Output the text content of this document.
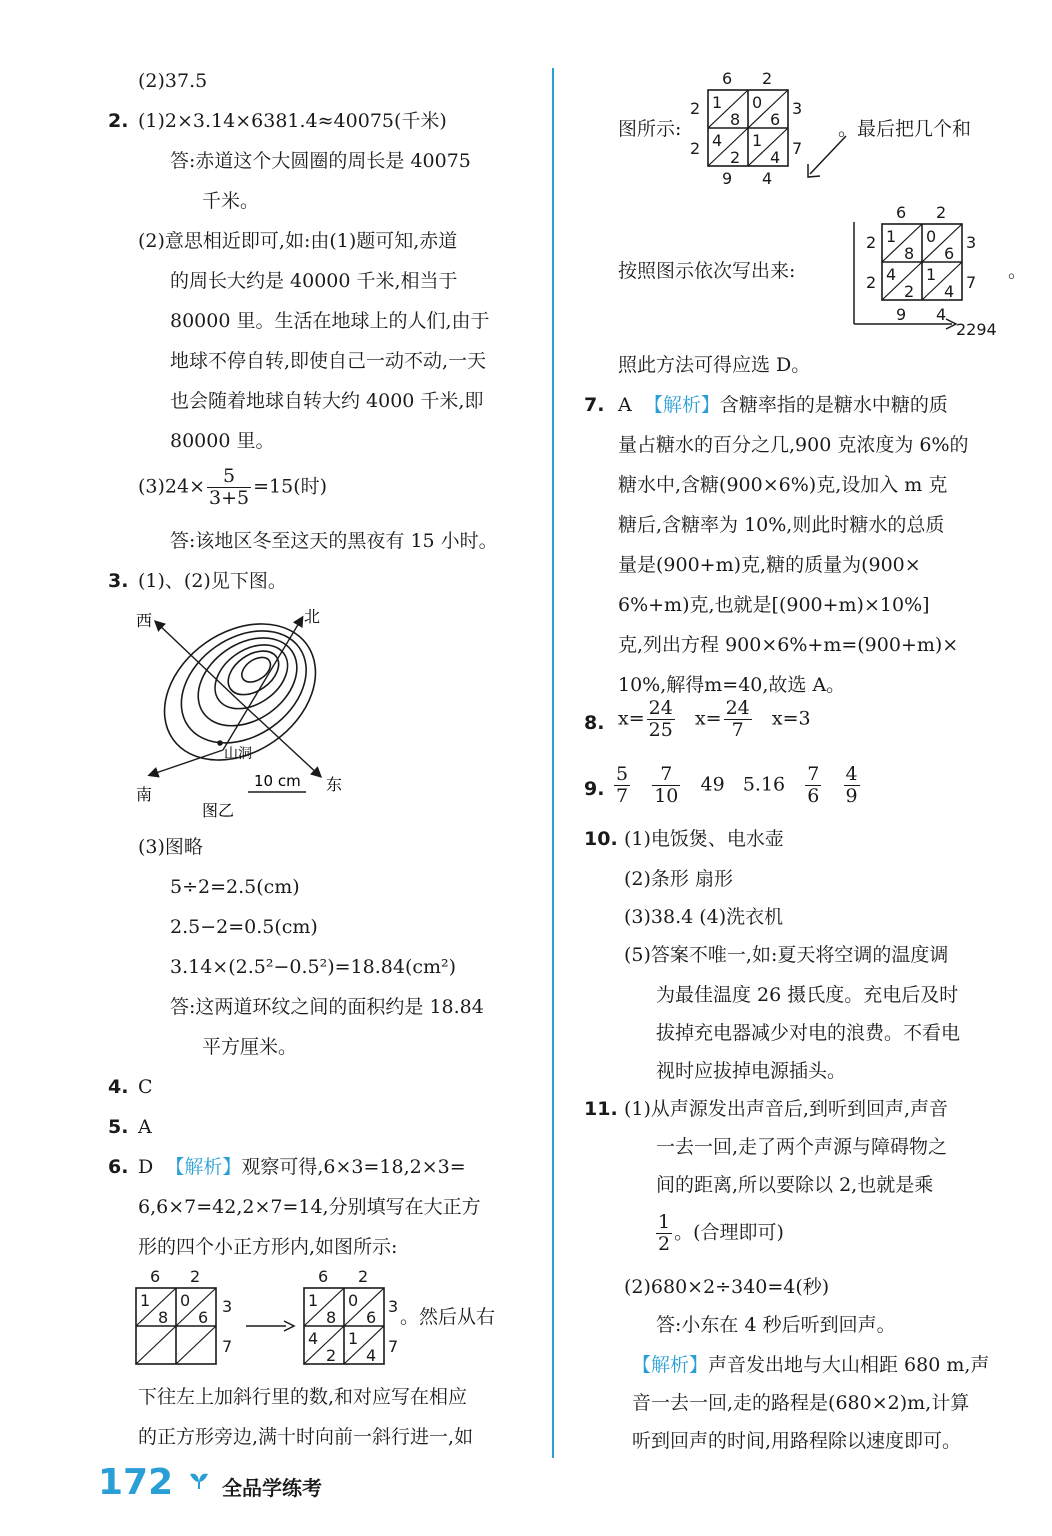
(2)37.5
2. (1)2×3.14×6381.4≈40075(千米)
答:赤道这个大圆圈的周长是 40075
千米。
(2)意思相近即可,如:由(1)题可知,赤道
的周长大约是 40000 千米,相当于
80000 里。生活在地球上的人们,由于
地球不停自转,即使自己一动不动,一天
也会随着地球自转大约 4000 千米,即
80000 里。
$(3)24\times \frac{5}{3+5} =15$(时)
答:该地区冬至这天的黑夜有 15 小时。
3. (1)、(2)见下图。
西	北
南
东
山洞
10 cm
图乙
(3)图略
5÷2=2.5(cm)
2.5−2=0.5(cm)
3.14×(2.5²−0.5²)=18.84(cm²)
答:这两道环纹之间的面积约是 18.84
平方厘米。
4. C
5. A
6. D 【解析】观察可得,6×3=18,2×3=
6,6×7=42,2×7=14,分别填写在大正方
形的四个小正方形内,如图所示:
6 2
1
8
0
6
3
7
6 2
1
8
0
6
4
2
1
4
3
7
。然后从右
下往左上加斜行里的数,和对应写在相应
的正方形旁边,满十时向前一斜行进一,如
图所示:
6 2
1
8
0
6
4
2
1
4
2
2
3
7
9 4
。最后把几个和
按照图示依次写出来:
6 2
1
8
0
6
4
2
1
4
2
2
3
7
9 4
2294
。
照此方法可得应选 D。
7. A 【解析】含糖率指的是糖水中糖的质
量占糖水的百分之几,900 克浓度为 6%的
糖水中,含糖(900×6%)克,设加入 m 克
糖后,含糖率为 10%,则此时糖水的总质
量是(900+m)克,糖的质量为(900×
6%+m)克,也就是[(900+m)×10%]
克,列出方程 900×6%+m=(900+m)×
10%,解得m=40,故选 A。
8. $x= \frac{24}{25} x= \frac{24}{7} x=3$
9. $\frac{5}{7}$
$\frac{7}{10} 49$ $5.16 \frac{7}{6}$
$\frac{4}{9}$
10. (1)电饭煲、电水壶
(2)条形 扇形
(3)38.4 (4)洗衣机
(5)答案不唯一,如:夏天将空调的温度调
为最佳温度 26 摄氏度。充电后及时
拔掉充电器减少对电的浪费。不看电
视时应拔掉电源插头。
11. (1)从声源发出声音后,到听到回声,声音
一去一回,走了两个声源与障碍物之
间的距离,所以要除以 2,也就是乘
$\frac{1}{2}$ 。(合理即可)
(2)680×2÷340=4(秒)
答:小东在 4 秒后听到回声。
【解析】声音发出地与大山相距 680 m,声
音一去一回,走的路程是(680×2)m,计算
听到回声的时间,用路程除以速度即可。
172 全品学练考
